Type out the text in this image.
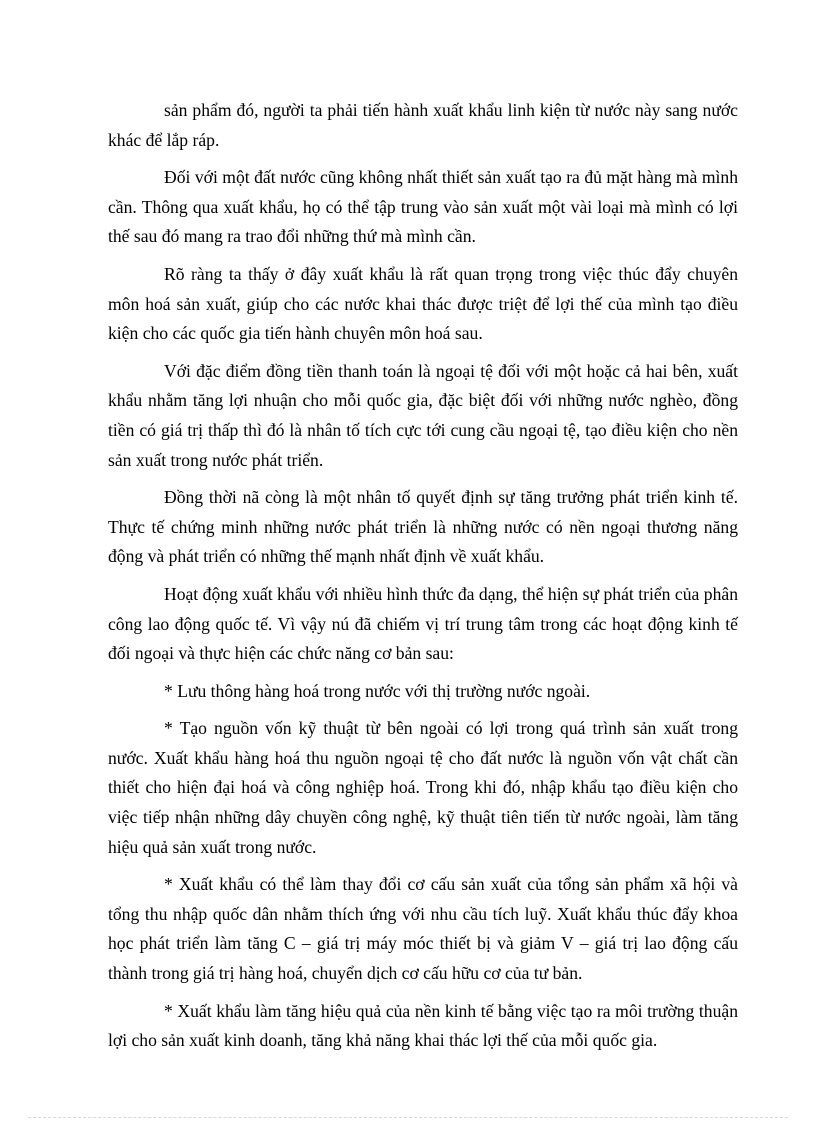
sản phẩm đó, người ta phải tiến hành xuất khẩu linh kiện từ nước này sang nước khác để lắp ráp.

Đối với một đất nước cũng không nhất thiết sản xuất tạo ra đủ mặt hàng mà mình cần. Thông qua xuất khẩu, họ có thể tập trung vào sản xuất một vài loại mà mình có lợi thế sau đó mang ra trao đổi những thứ mà mình cần.

Rõ ràng ta thấy ở đây xuất khẩu là rất quan trọng trong việc thúc đẩy chuyên môn hoá sản xuất, giúp cho các nước khai thác được triệt để lợi thế của mình tạo điều kiện cho các quốc gia tiến hành chuyên môn hoá sau.

Với đặc điểm đồng tiền thanh toán là ngoại tệ đối với một hoặc cả hai bên, xuất khẩu nhằm tăng lợi nhuận cho mỗi quốc gia, đặc biệt đối với những nước nghèo, đồng tiền có giá trị thấp thì đó là nhân tố tích cực tới cung cầu ngoại tệ, tạo điều kiện cho nền sản xuất trong nước phát triển.

Đồng thời nã còng là một nhân tố quyết định sự tăng trưởng phát triển kinh tế. Thực tế chứng minh những nước phát triển là những nước có nền ngoại thương năng động và phát triển có những thế mạnh nhất định về xuất khẩu.

Hoạt động xuất khẩu với nhiều hình thức đa dạng, thể hiện sự phát triển của phân công lao động quốc tế. Vì vậy nú đã chiếm vị trí trung tâm trong các hoạt động kinh tế đối ngoại và thực hiện các chức năng cơ bản sau:

* Lưu thông hàng hoá trong nước với thị trường nước ngoài.

* Tạo nguồn vốn kỹ thuật từ bên ngoài có lợi trong quá trình sản xuất trong nước. Xuất khẩu hàng hoá thu nguồn ngoại tệ cho đất nước là nguồn vốn vật chất cần thiết cho hiện đại hoá và công nghiệp hoá. Trong khi đó, nhập khẩu tạo điều kiện cho việc tiếp nhận những dây chuyền công nghệ, kỹ thuật tiên tiến từ nước ngoài, làm tăng hiệu quả sản xuất trong nước.

* Xuất khẩu có thể làm thay đổi cơ cấu sản xuất của tổng sản phẩm xã hội và tổng thu nhập quốc dân nhằm thích ứng với nhu cầu tích luỹ. Xuất khẩu thúc đẩy khoa học phát triển làm tăng C – giá trị máy móc thiết bị và giảm V – giá trị lao động cấu thành trong giá trị hàng hoá, chuyển dịch cơ cấu hữu cơ của tư bản.

* Xuất khẩu làm tăng hiệu quả của nền kinh tế bằng việc tạo ra môi trường thuận lợi cho sản xuất kinh doanh, tăng khả năng khai thác lợi thế của mỗi quốc gia.
